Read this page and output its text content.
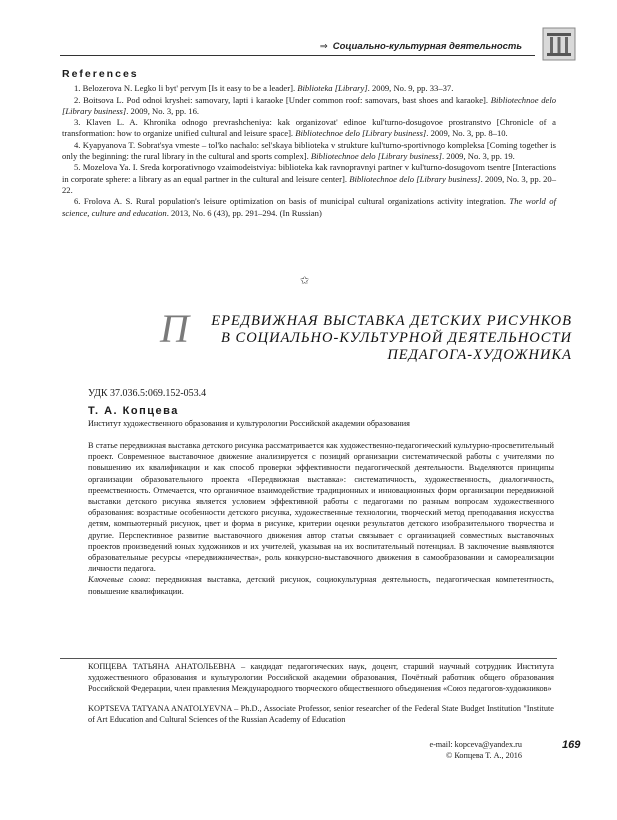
⇒ Социально-культурная деятельность
References

1. Belozerova N. Legko li byt' pervym [Is it easy to be a leader]. Biblioteka [Library]. 2009, No. 9, pp. 33–37.

2. Boitsova L. Pod odnoi kryshei: samovary, lapti i karaoke [Under common roof: samovars, bast shoes and karaoke]. Bibliotechnoe delo [Library business]. 2009, No. 3, pp. 16.

3. Klaven L. A. Khronika odnogo prevrashcheniya: kak organizovat' edinoe kul'turno-dosugovoe prostranstvo [Chronicle of a transformation: how to organize unified cultural and leisure space]. Bibliotechnoe delo [Library business]. 2009, No. 3, pp. 8–10.

4. Kyapyanova T. Sobrat'sya vmeste – tol'ko nachalo: sel'skaya biblioteka v strukture kul'turno-sportivnogo kompleksa [Coming together is only the beginning: the rural library in the cultural and sports complex]. Bibliotechnoe delo [Library business]. 2009, No. 3, pp. 19.

5. Mozelova Ya. I. Sreda korporativnogo vzaimodeistviya: biblioteka kak ravnopravnyi partner v kul'turno-dosugovom tsentre [Interactions in corporate sphere: a library as an equal partner in the cultural and leisure center]. Bibliotechnoe delo [Library business]. 2009, No. 3, pp. 20–22.

6. Frolova A. S. Rural population's leisure optimization on basis of municipal cultural organizations activity integration. The world of science, culture and education. 2013, No. 6 (43), pp. 291–294. (In Russian)

✩
П	ЕРЕДВИЖНАЯ ВЫСТАВКА ДЕТСКИХ РИСУНКОВ
В СОЦИАЛЬНО-КУЛЬТУРНОЙ ДЕЯТЕЛЬНОСТИ
ПЕДАГОГА-ХУДОЖНИКА
УДК 37.036.5:069.152-053.4
Т. А. Копцева
Институт художественного образования и культурологии Российской академии образования

В статье передвижная выставка детского рисунка рассматривается как художественно-педагогический культурно-просветительный проект. Современное выставочное движение анализируется с позиций организации систематической работы с учителями по повышению их квалификации и как способ проверки эффективности педагогической деятельности. Выделяются принципы организации образовательного проекта «Передвижная выставка»: систематичность, художественность, диалогичность, преемственность. Отмечается, что органичное взаимодействие традиционных и инновационных форм организации передвижной выставки детского рисунка является условием эффективной работы с педагогами по разным вопросам художественного образования: возрастные особенности детского рисунка, художественные технологии, творческий метод преподавания искусства детям, компьютерный рисунок, цвет и форма в рисунке, критерии оценки результатов детского изобразительного творчества и другие. Перспективное развитие выставочного движения автор статьи связывает с организацией совместных выставочных проектов произведений юных художников и их учителей, указывая на их воспитательный потенциал. В заключение выявляются образовательные ресурсы «передвижничества», роль конкурсно-выставочного движения в самообразовании и самореализации личности педагога.

Ключевые слова: передвижная выставка, детский рисунок, социокультурная деятельность, педагогическая компетентность, повышение квалификации.

КОПЦЕВА ТАТЬЯНА АНАТОЛЬЕВНА – кандидат педагогических наук, доцент, старший научный сотрудник Института художественного образования и культурологии Российской академии образования, Почётный работник общего образования Российской Федерации, член правления Международного творческого общественного объединения «Союз педагогов-художников»
KOPTSEVA TATYANA ANATOLYEVNA – Ph.D., Associate Professor, senior researcher of the Federal State Budget Institution "Institute of Art Education and Cultural Sciences of the Russian Academy of Education
e-mail: kopceva@yandex.ru
© Копцева Т. А., 2016
169
